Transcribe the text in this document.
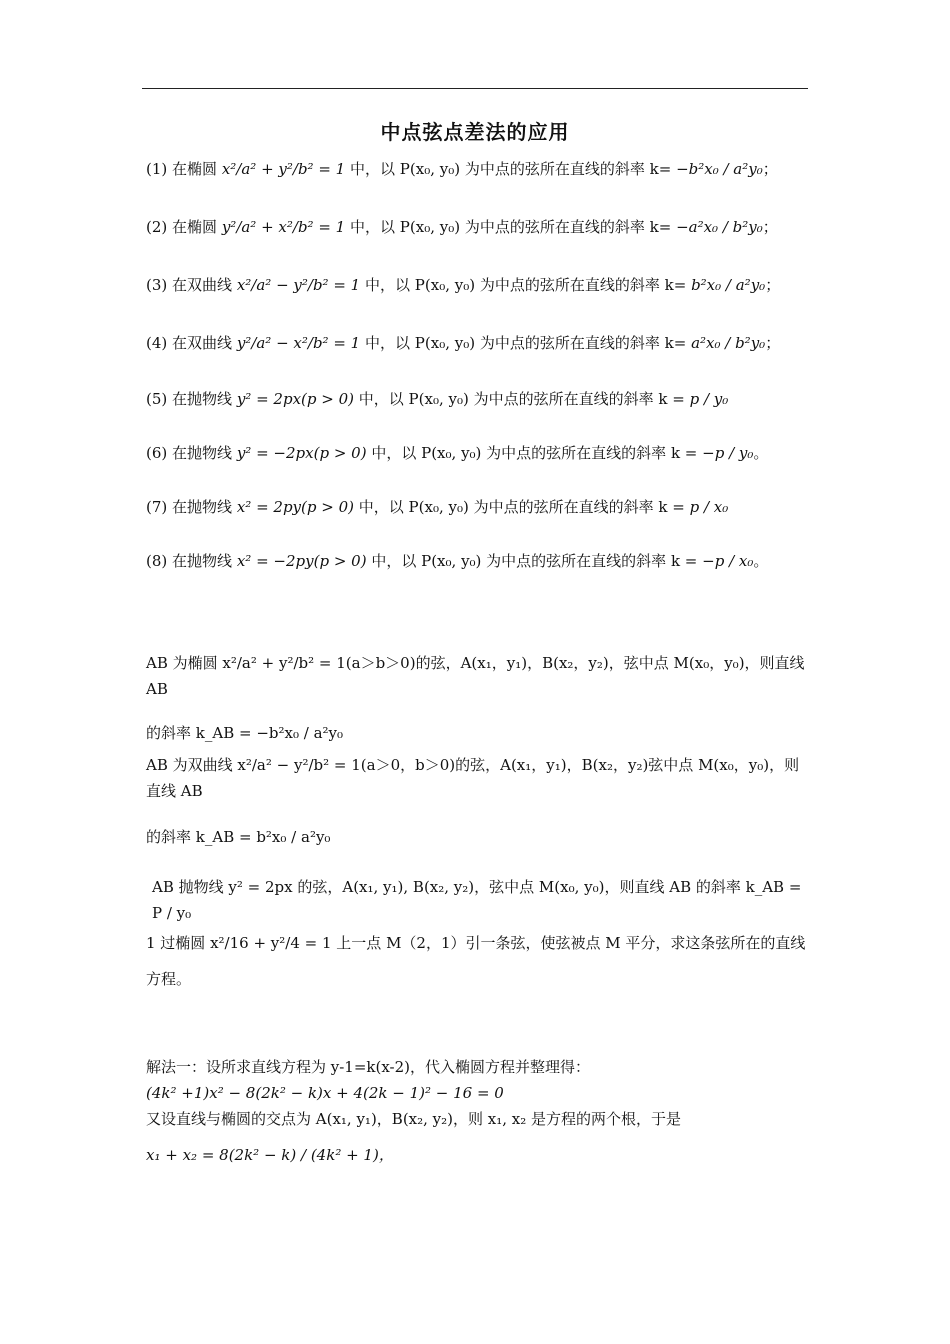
中点弦点差法的应用
(1) 在椭圆 x²/a² + y²/b² = 1 中，以 P(x₀, y₀) 为中点的弦所在直线的斜率 k= −b²x₀ / a²y₀；
(2) 在椭圆 y²/a² + x²/b² = 1 中，以 P(x₀, y₀) 为中点的弦所在直线的斜率 k= −a²x₀ / b²y₀；
(3) 在双曲线 x²/a² − y²/b² = 1 中，以 P(x₀, y₀) 为中点的弦所在直线的斜率 k= b²x₀ / a²y₀；
(4) 在双曲线 y²/a² − x²/b² = 1 中，以 P(x₀, y₀) 为中点的弦所在直线的斜率 k= a²x₀ / b²y₀；
(5) 在抛物线 y² = 2px(p > 0) 中，以 P(x₀, y₀) 为中点的弦所在直线的斜率 k = p / y₀
(6) 在抛物线 y² = −2px(p > 0) 中，以 P(x₀, y₀) 为中点的弦所在直线的斜率 k = −p / y₀。
(7) 在抛物线 x² = 2py(p > 0) 中，以 P(x₀, y₀) 为中点的弦所在直线的斜率 k = p / x₀
(8) 在抛物线 x² = −2py(p > 0) 中，以 P(x₀, y₀) 为中点的弦所在直线的斜率 k = −p / x₀。
AB 为椭圆 x²/a² + y²/b² = 1(a＞b＞0)的弦，A(x₁，y₁)，B(x₂，y₂)，弦中点 M(x₀，y₀)，则直线 AB
的斜率 k_AB = −b²x₀ / a²y₀
AB 为双曲线 x²/a² − y²/b² = 1(a＞0，b＞0)的弦，A(x₁，y₁)，B(x₂，y₂)弦中点 M(x₀，y₀)，则直线 AB
的斜率 k_AB = b²x₀ / a²y₀
AB 抛物线 y² = 2px 的弦，A(x₁, y₁), B(x₂, y₂)，弦中点 M(x₀, y₀)，则直线 AB 的斜率 k_AB = P / y₀
1 过椭圆 x²/16 + y²/4 = 1 上一点 M（2，1）引一条弦，使弦被点 M 平分，求这条弦所在的直线
方程。
解法一：设所求直线方程为 y-1=k(x-2)，代入椭圆方程并整理得：
(4k² +1)x² − 8(2k² − k)x + 4(2k − 1)² − 16 = 0
又设直线与椭圆的交点为 A(x₁, y₁)，B(x₂, y₂)，则 x₁, x₂ 是方程的两个根，于是
x₁ + x₂ = 8(2k² − k) / (4k² + 1)，
